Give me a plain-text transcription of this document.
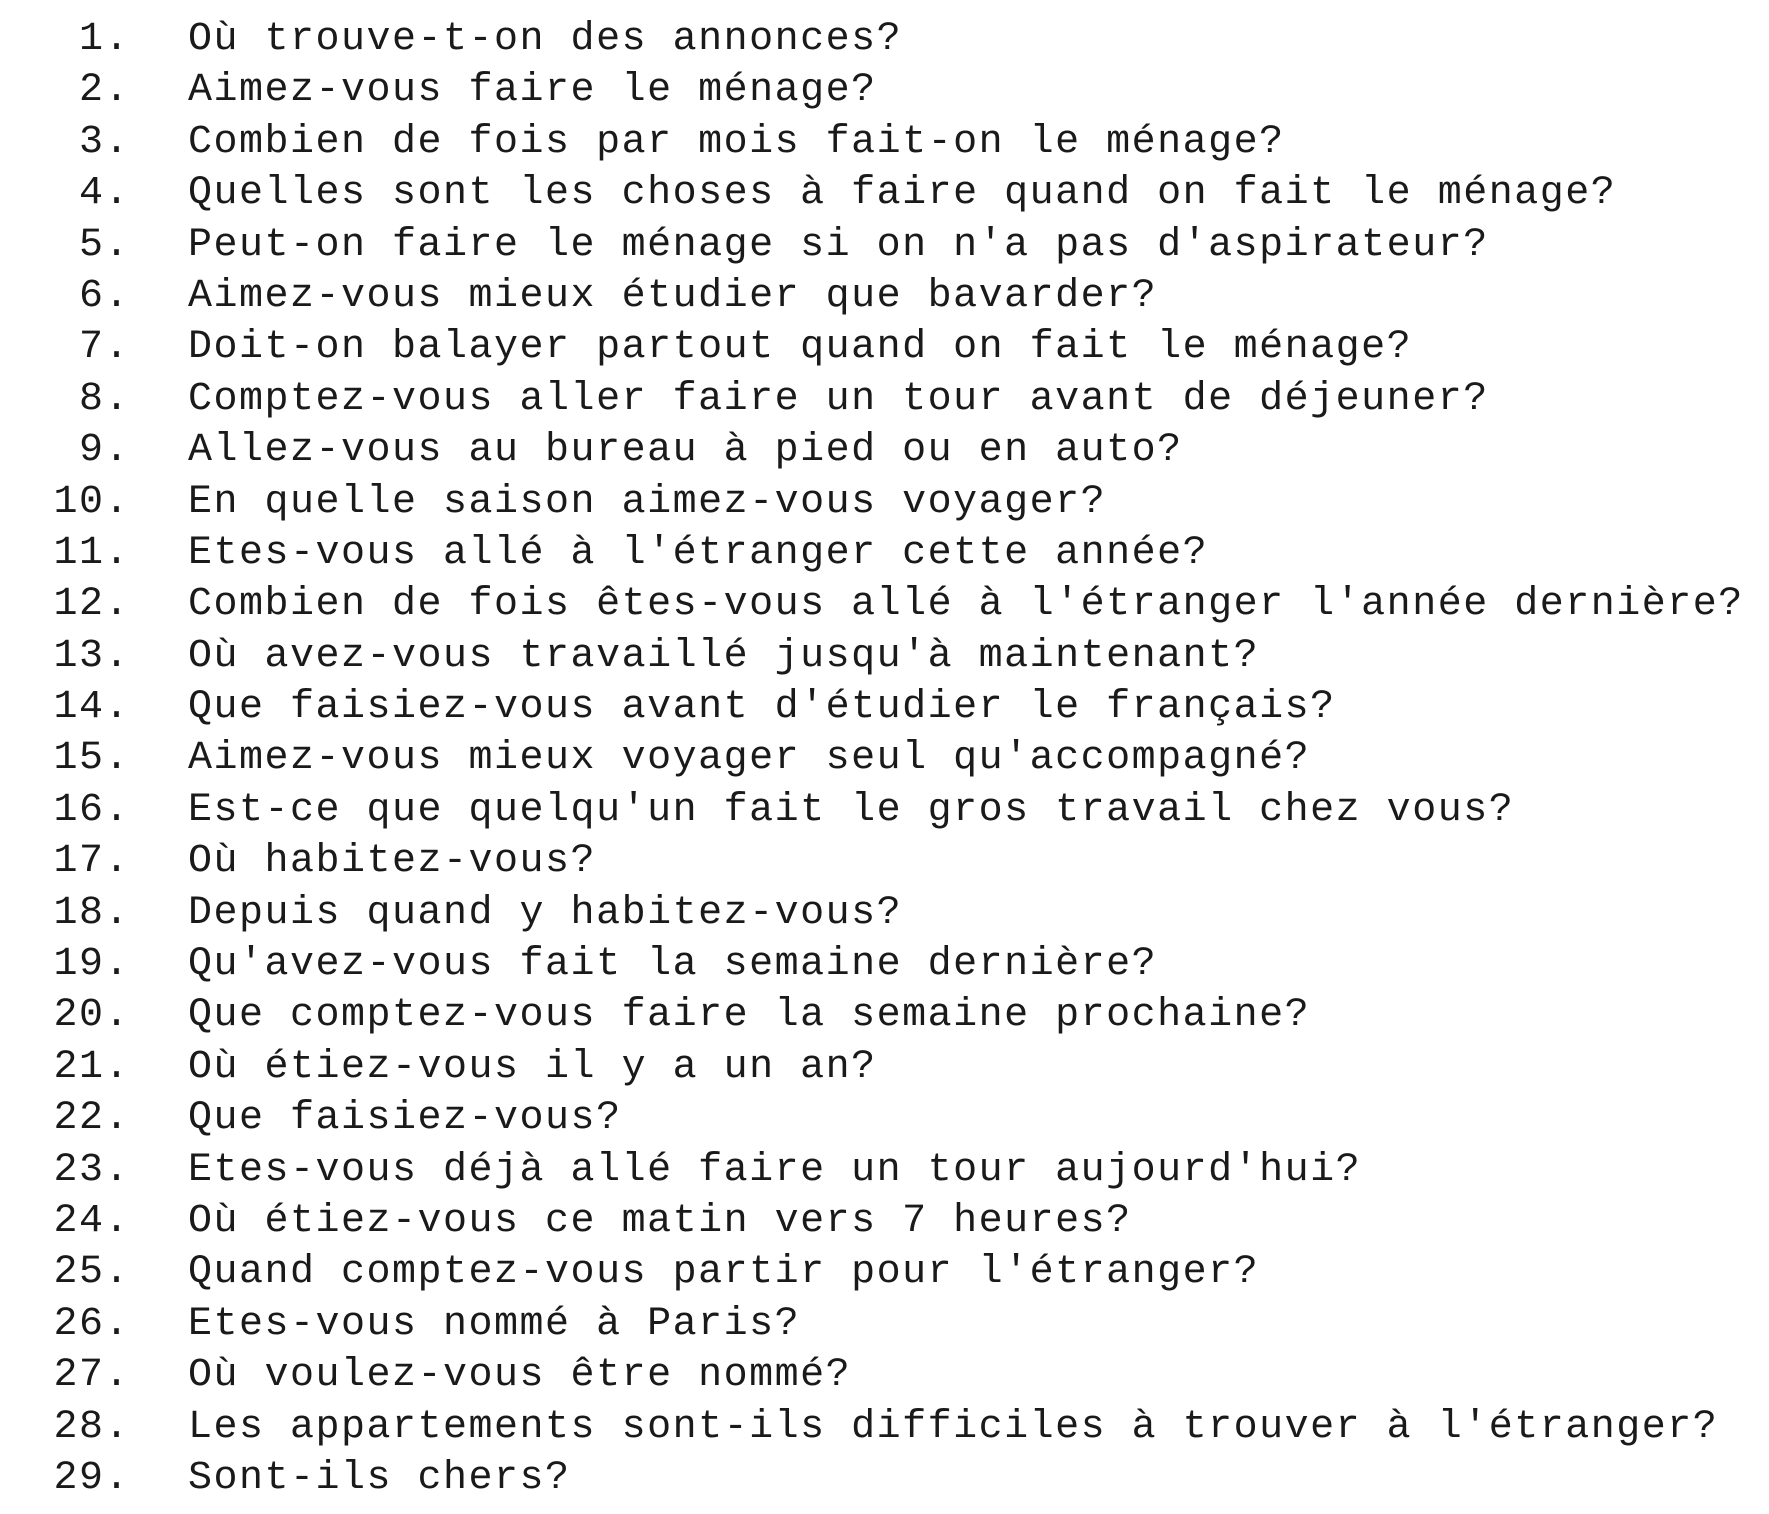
1. Où trouve-t-on des annonces?
2. Aimez-vous faire le ménage?
3. Combien de fois par mois fait-on le ménage?
4. Quelles sont les choses à faire quand on fait le ménage?
5. Peut-on faire le ménage si on n'a pas d'aspirateur?
6. Aimez-vous mieux étudier que bavarder?
7. Doit-on balayer partout quand on fait le ménage?
8. Comptez-vous aller faire un tour avant de déjeuner?
9. Allez-vous au bureau à pied ou en auto?
10. En quelle saison aimez-vous voyager?
11. Etes-vous allé à l'étranger cette année?
12. Combien de fois êtes-vous allé à l'étranger l'année dernière?
13. Où avez-vous travaillé jusqu'à maintenant?
14. Que faisiez-vous avant d'étudier le français?
15. Aimez-vous mieux voyager seul qu'accompagné?
16. Est-ce que quelqu'un fait le gros travail chez vous?
17. Où habitez-vous?
18. Depuis quand y habitez-vous?
19. Qu'avez-vous fait la semaine dernière?
20. Que comptez-vous faire la semaine prochaine?
21. Où étiez-vous il y a un an?
22. Que faisiez-vous?
23. Etes-vous déjà allé faire un tour aujourd'hui?
24. Où étiez-vous ce matin vers 7 heures?
25. Quand comptez-vous partir pour l'étranger?
26. Etes-vous nommé à Paris?
27. Où voulez-vous être nommé?
28. Les appartements sont-ils difficiles à trouver à l'étranger?
29. Sont-ils chers?
